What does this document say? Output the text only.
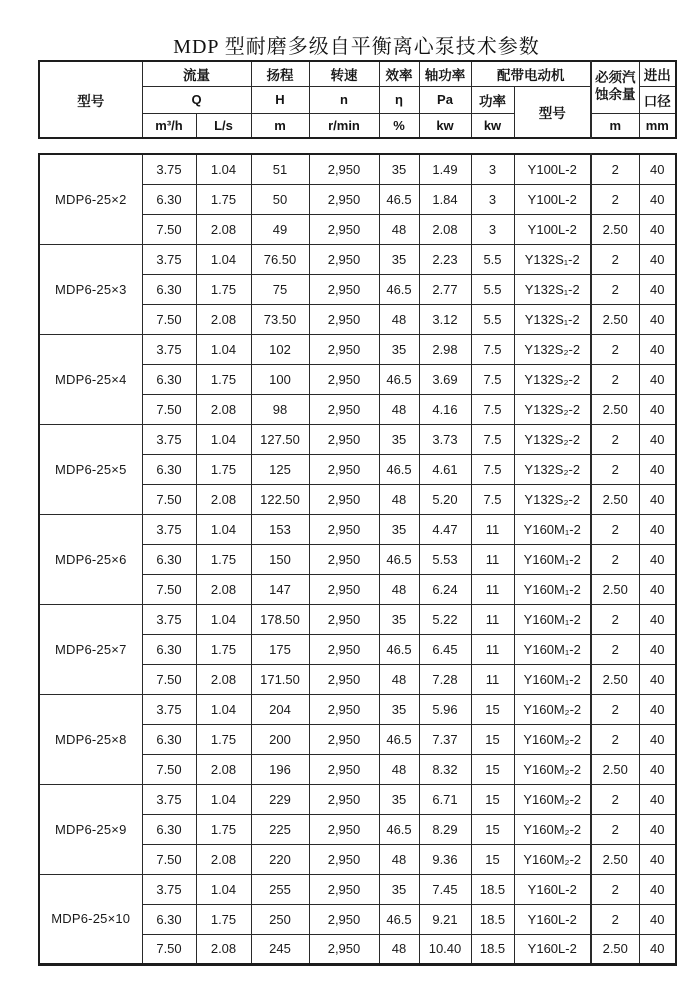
MDP 型耐磨多级自平衡离心泵技术参数
型号	流量		扬程	转速	效率	轴功率	配带电动机		必须汽
蚀余量	进出
	Q		H	n	η	Pa	功率	型号		口径
	m³/h	L/s	m	r/min	%	kw	kw		m	mm
MDP6-25×2	3.75	1.04	51	2,950	35	1.49	3	Y100L-2	2	40
	6.30	1.75	50	2,950	46.5	1.84	3	Y100L-2	2	40
	7.50	2.08	49	2,950	48	2.08	3	Y100L-2	2.50	40
MDP6-25×3	3.75	1.04	76.50	2,950	35	2.23	5.5	Y132S₁-2	2	40
	6.30	1.75	75	2,950	46.5	2.77	5.5	Y132S₁-2	2	40
	7.50	2.08	73.50	2,950	48	3.12	5.5	Y132S₁-2	2.50	40
MDP6-25×4	3.75	1.04	102	2,950	35	2.98	7.5	Y132S₂-2	2	40
	6.30	1.75	100	2,950	46.5	3.69	7.5	Y132S₂-2	2	40
	7.50	2.08	98	2,950	48	4.16	7.5	Y132S₂-2	2.50	40
MDP6-25×5	3.75	1.04	127.50	2,950	35	3.73	7.5	Y132S₂-2	2	40
	6.30	1.75	125	2,950	46.5	4.61	7.5	Y132S₂-2	2	40
	7.50	2.08	122.50	2,950	48	5.20	7.5	Y132S₂-2	2.50	40
MDP6-25×6	3.75	1.04	153	2,950	35	4.47	11	Y160M₁-2	2	40
	6.30	1.75	150	2,950	46.5	5.53	11	Y160M₁-2	2	40
	7.50	2.08	147	2,950	48	6.24	11	Y160M₁-2	2.50	40
MDP6-25×7	3.75	1.04	178.50	2,950	35	5.22	11	Y160M₁-2	2	40
	6.30	1.75	175	2,950	46.5	6.45	11	Y160M₁-2	2	40
	7.50	2.08	171.50	2,950	48	7.28	11	Y160M₁-2	2.50	40
MDP6-25×8	3.75	1.04	204	2,950	35	5.96	15	Y160M₂-2	2	40
	6.30	1.75	200	2,950	46.5	7.37	15	Y160M₂-2	2	40
	7.50	2.08	196	2,950	48	8.32	15	Y160M₂-2	2.50	40
MDP6-25×9	3.75	1.04	229	2,950	35	6.71	15	Y160M₂-2	2	40
	6.30	1.75	225	2,950	46.5	8.29	15	Y160M₂-2	2	40
	7.50	2.08	220	2,950	48	9.36	15	Y160M₂-2	2.50	40
MDP6-25×10	3.75	1.04	255	2,950	35	7.45	18.5	Y160L-2	2	40
	6.30	1.75	250	2,950	46.5	9.21	18.5	Y160L-2	2	40
	7.50	2.08	245	2,950	48	10.40	18.5	Y160L-2	2.50	40
